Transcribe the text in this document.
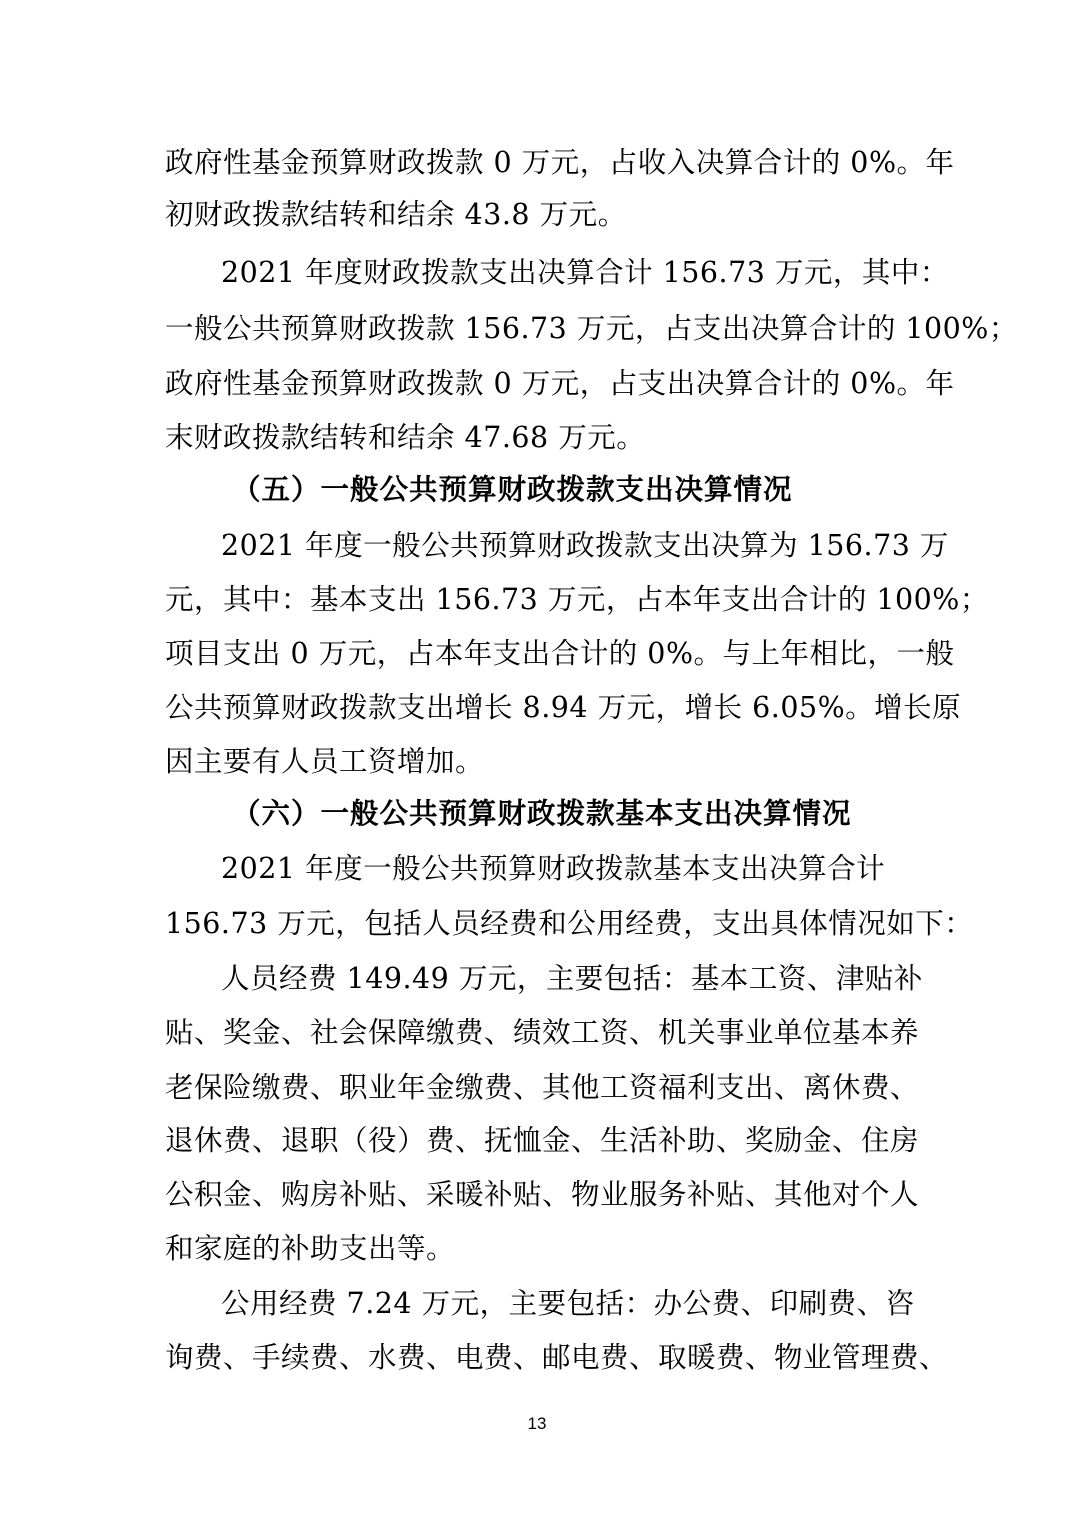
政府性基金预算财政拨款 0 万元，占收入决算合计的 0%。年
初财政拨款结转和结余 43.8 万元。
2021 年度财政拨款支出决算合计 156.73 万元，其中：
一般公共预算财政拨款 156.73 万元，占支出决算合计的 100%；
政府性基金预算财政拨款 0 万元，占支出决算合计的 0%。年
末财政拨款结转和结余 47.68 万元。
（五）一般公共预算财政拨款支出决算情况
2021 年度一般公共预算财政拨款支出决算为 156.73 万
元，其中：基本支出 156.73 万元，占本年支出合计的 100%；
项目支出 0 万元，占本年支出合计的 0%。与上年相比，一般
公共预算财政拨款支出增长 8.94 万元，增长 6.05%。增长原
因主要有人员工资增加。
（六）一般公共预算财政拨款基本支出决算情况
2021 年度一般公共预算财政拨款基本支出决算合计
156.73 万元，包括人员经费和公用经费，支出具体情况如下：
人员经费 149.49 万元，主要包括：基本工资、津贴补
贴、奖金、社会保障缴费、绩效工资、机关事业单位基本养
老保险缴费、职业年金缴费、其他工资福利支出、离休费、
退休费、退职（役）费、抚恤金、生活补助、奖励金、住房
公积金、购房补贴、采暖补贴、物业服务补贴、其他对个人
和家庭的补助支出等。
公用经费 7.24 万元，主要包括：办公费、印刷费、咨
询费、手续费、水费、电费、邮电费、取暖费、物业管理费、
13
